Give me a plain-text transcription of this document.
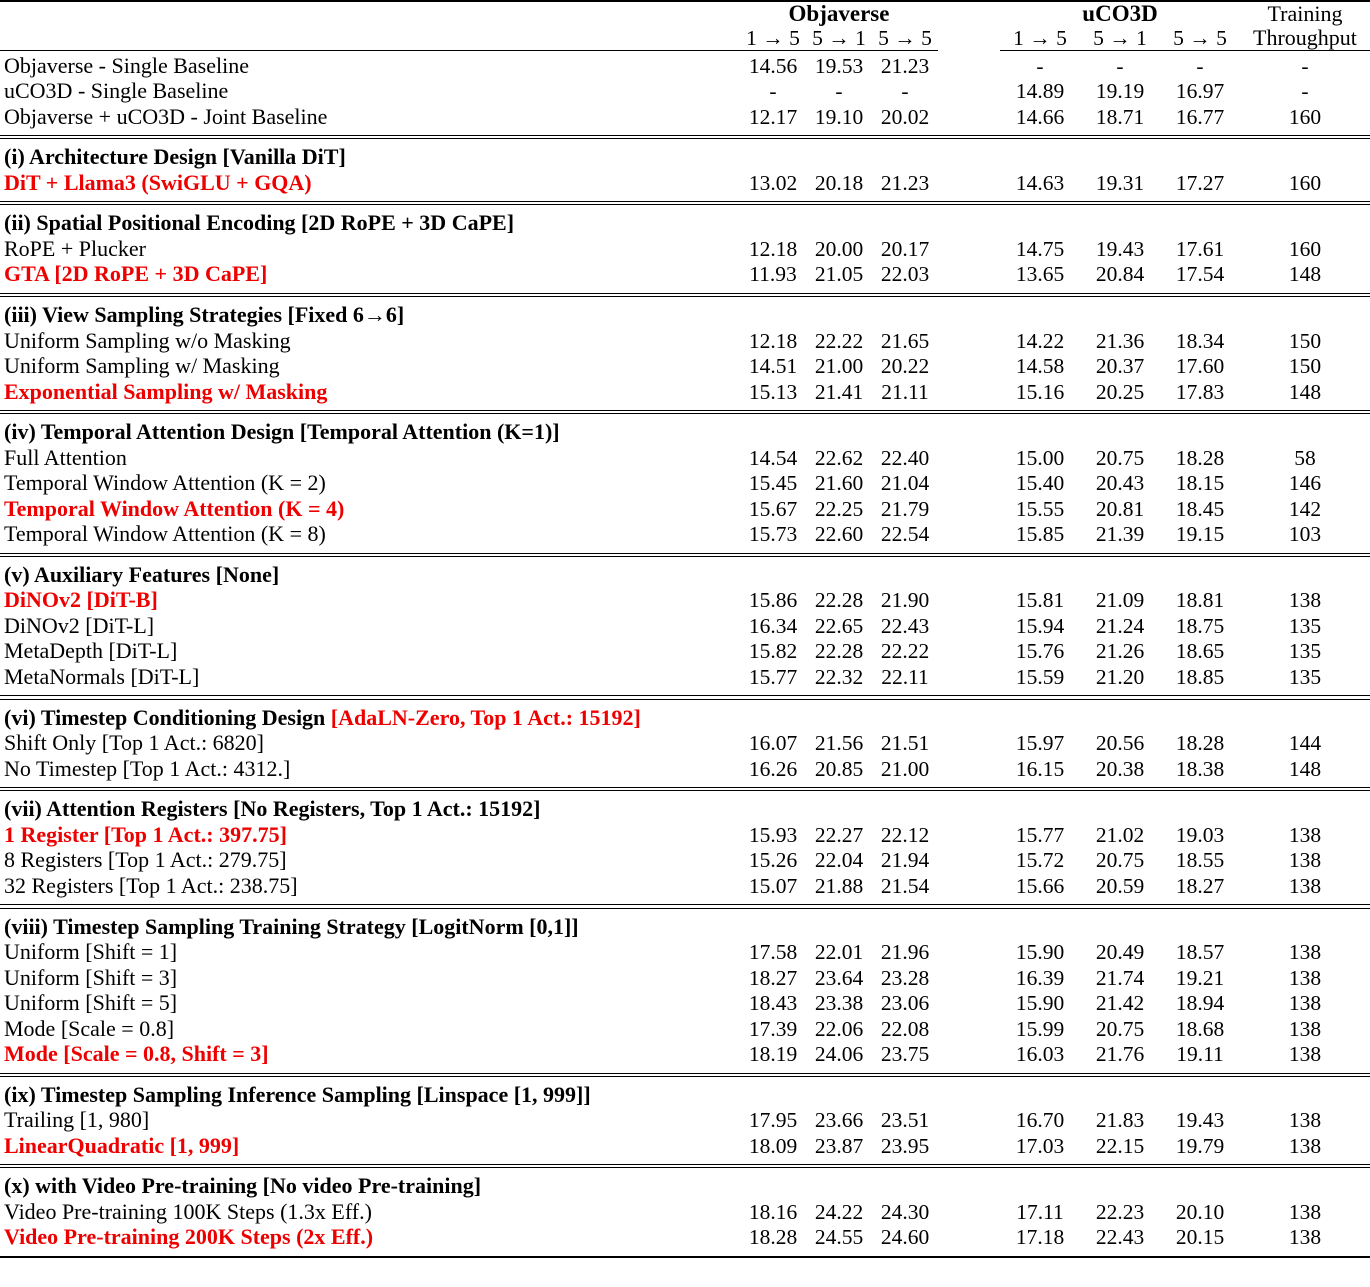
	Objaverse				uCO3D			Training
	1 → 5	5 → 1	5 → 5		1 → 5	5 → 1	5 → 5	Throughput

Objaverse - Single Baseline	14.56	19.53	21.23		-	-	-	-
uCO3D - Single Baseline	-	-	-		14.89	19.19	16.97	-
Objaverse + uCO3D - Joint Baseline	12.17	19.10	20.02		14.66	18.71	16.77	160

(i) Architecture Design [Vanilla DiT]								
DiT + Llama3 (SwiGLU + GQA)	13.02	20.18	21.23		14.63	19.31	17.27	160

(ii) Spatial Positional Encoding [2D RoPE + 3D CaPE]								
RoPE + Plucker	12.18	20.00	20.17		14.75	19.43	17.61	160
GTA [2D RoPE + 3D CaPE]	11.93	21.05	22.03		13.65	20.84	17.54	148

(iii) View Sampling Strategies [Fixed 6→6]								
Uniform Sampling w/o Masking	12.18	22.22	21.65		14.22	21.36	18.34	150
Uniform Sampling w/ Masking	14.51	21.00	20.22		14.58	20.37	17.60	150
Exponential Sampling w/ Masking	15.13	21.41	21.11		15.16	20.25	17.83	148

(iv) Temporal Attention Design [Temporal Attention (K=1)]								
Full Attention	14.54	22.62	22.40		15.00	20.75	18.28	58
Temporal Window Attention (K = 2)	15.45	21.60	21.04		15.40	20.43	18.15	146
Temporal Window Attention (K = 4)	15.67	22.25	21.79		15.55	20.81	18.45	142
Temporal Window Attention (K = 8)	15.73	22.60	22.54		15.85	21.39	19.15	103

(v) Auxiliary Features [None]								
DiNOv2 [DiT-B]	15.86	22.28	21.90		15.81	21.09	18.81	138
DiNOv2 [DiT-L]	16.34	22.65	22.43		15.94	21.24	18.75	135
MetaDepth [DiT-L]	15.82	22.28	22.22		15.76	21.26	18.65	135
MetaNormals [DiT-L]	15.77	22.32	22.11		15.59	21.20	18.85	135

(vi) Timestep Conditioning Design [AdaLN-Zero, Top 1 Act.: 15192]								
Shift Only [Top 1 Act.: 6820]	16.07	21.56	21.51		15.97	20.56	18.28	144
No Timestep [Top 1 Act.: 4312.]	16.26	20.85	21.00		16.15	20.38	18.38	148

(vii) Attention Registers [No Registers, Top 1 Act.: 15192]								
1 Register [Top 1 Act.: 397.75]	15.93	22.27	22.12		15.77	21.02	19.03	138
8 Registers [Top 1 Act.: 279.75]	15.26	22.04	21.94		15.72	20.75	18.55	138
32 Registers [Top 1 Act.: 238.75]	15.07	21.88	21.54		15.66	20.59	18.27	138

(viii) Timestep Sampling Training Strategy [LogitNorm [0,1]]								
Uniform [Shift = 1]	17.58	22.01	21.96		15.90	20.49	18.57	138
Uniform [Shift = 3]	18.27	23.64	23.28		16.39	21.74	19.21	138
Uniform [Shift = 5]	18.43	23.38	23.06		15.90	21.42	18.94	138
Mode [Scale = 0.8]	17.39	22.06	22.08		15.99	20.75	18.68	138
Mode [Scale = 0.8, Shift = 3]	18.19	24.06	23.75		16.03	21.76	19.11	138

(ix) Timestep Sampling Inference Sampling [Linspace [1, 999]]								
Trailing [1, 980]	17.95	23.66	23.51		16.70	21.83	19.43	138
LinearQuadratic [1, 999]	18.09	23.87	23.95		17.03	22.15	19.79	138

(x) with Video Pre-training [No video Pre-training]								
Video Pre-training 100K Steps (1.3x Eff.)	18.16	24.22	24.30		17.11	22.23	20.10	138
Video Pre-training 200K Steps (2x Eff.)	18.28	24.55	24.60		17.18	22.43	20.15	138
